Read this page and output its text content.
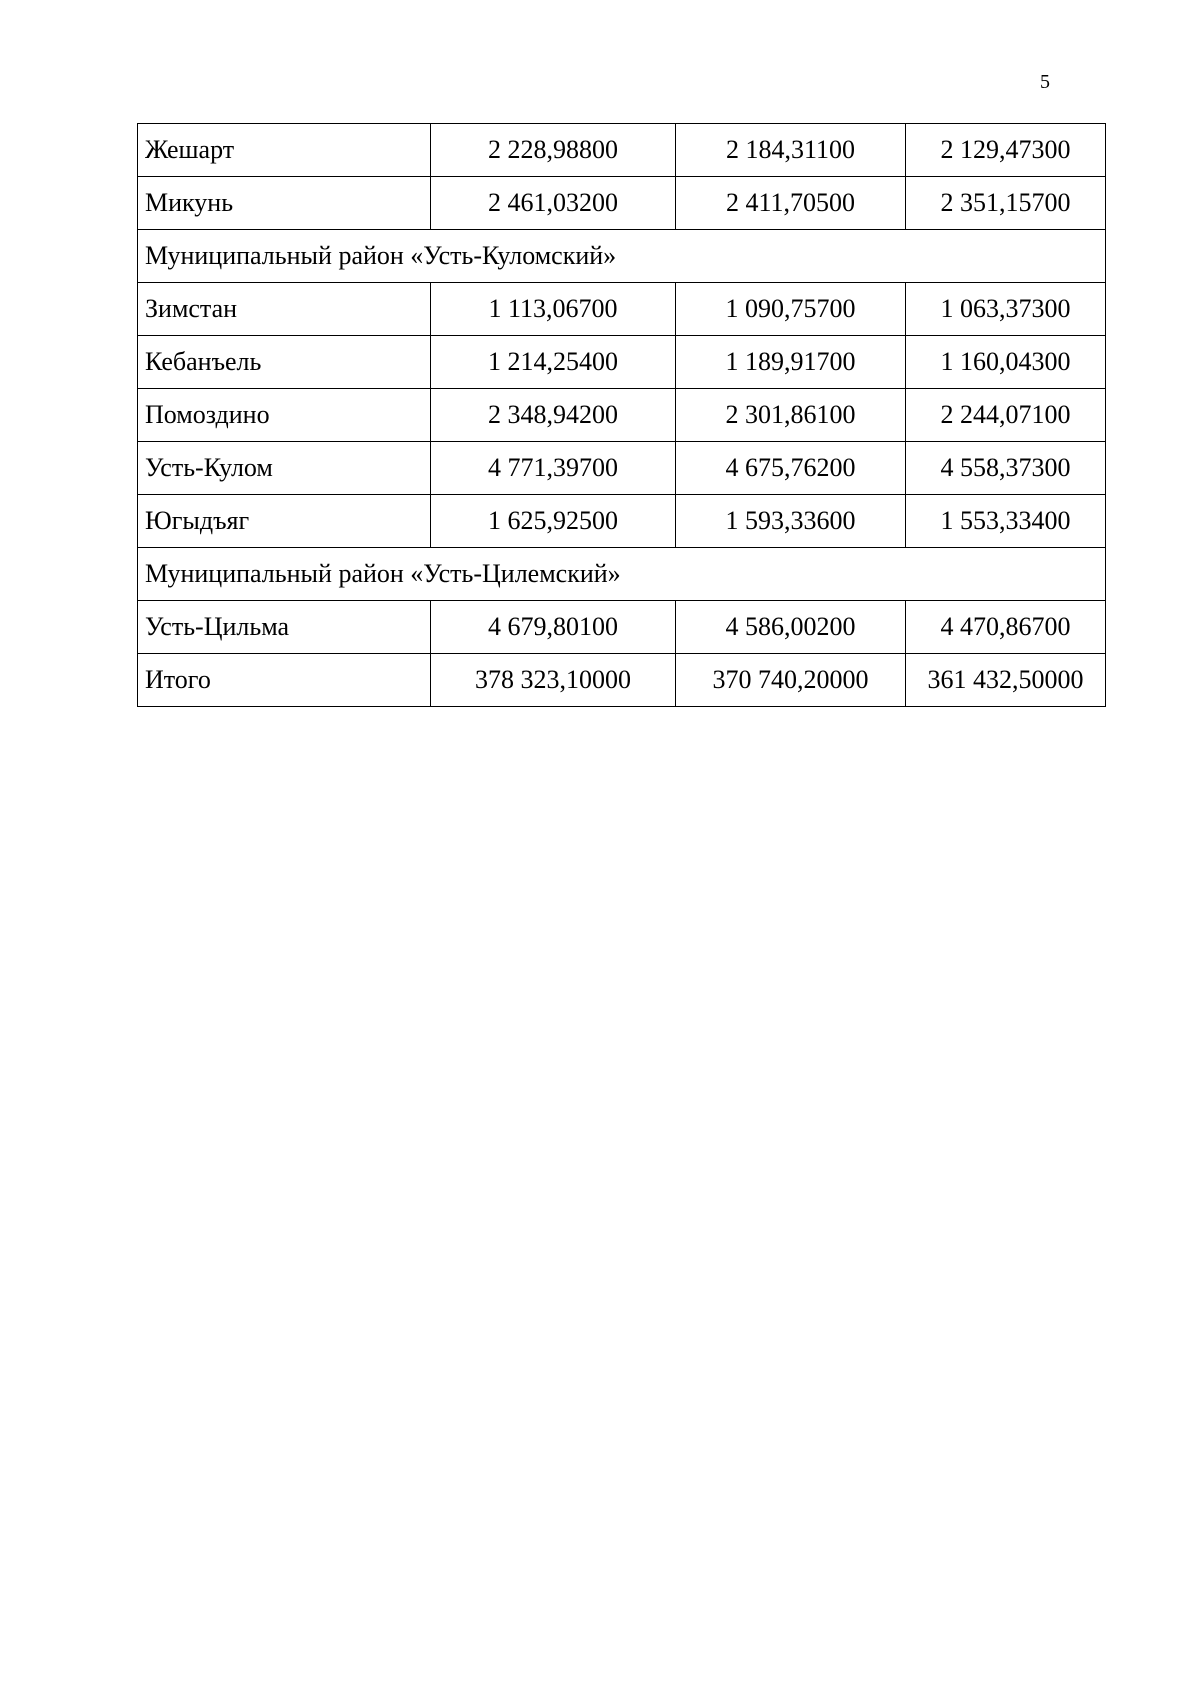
5
Жешарт	2 228,98800	2 184,31100	2 129,47300
Микунь	2 461,03200	2 411,70500	2 351,15700
Муниципальный район «Усть-Куломский»			
Зимстан	1 113,06700	1 090,75700	1 063,37300
Кебанъель	1 214,25400	1 189,91700	1 160,04300
Помоздино	2 348,94200	2 301,86100	2 244,07100
Усть-Кулом	4 771,39700	4 675,76200	4 558,37300
Югыдъяг	1 625,92500	1 593,33600	1 553,33400
Муниципальный район «Усть-Цилемский»			
Усть-Цильма	4 679,80100	4 586,00200	4 470,86700
Итого	378 323,10000	370 740,20000	361 432,50000
